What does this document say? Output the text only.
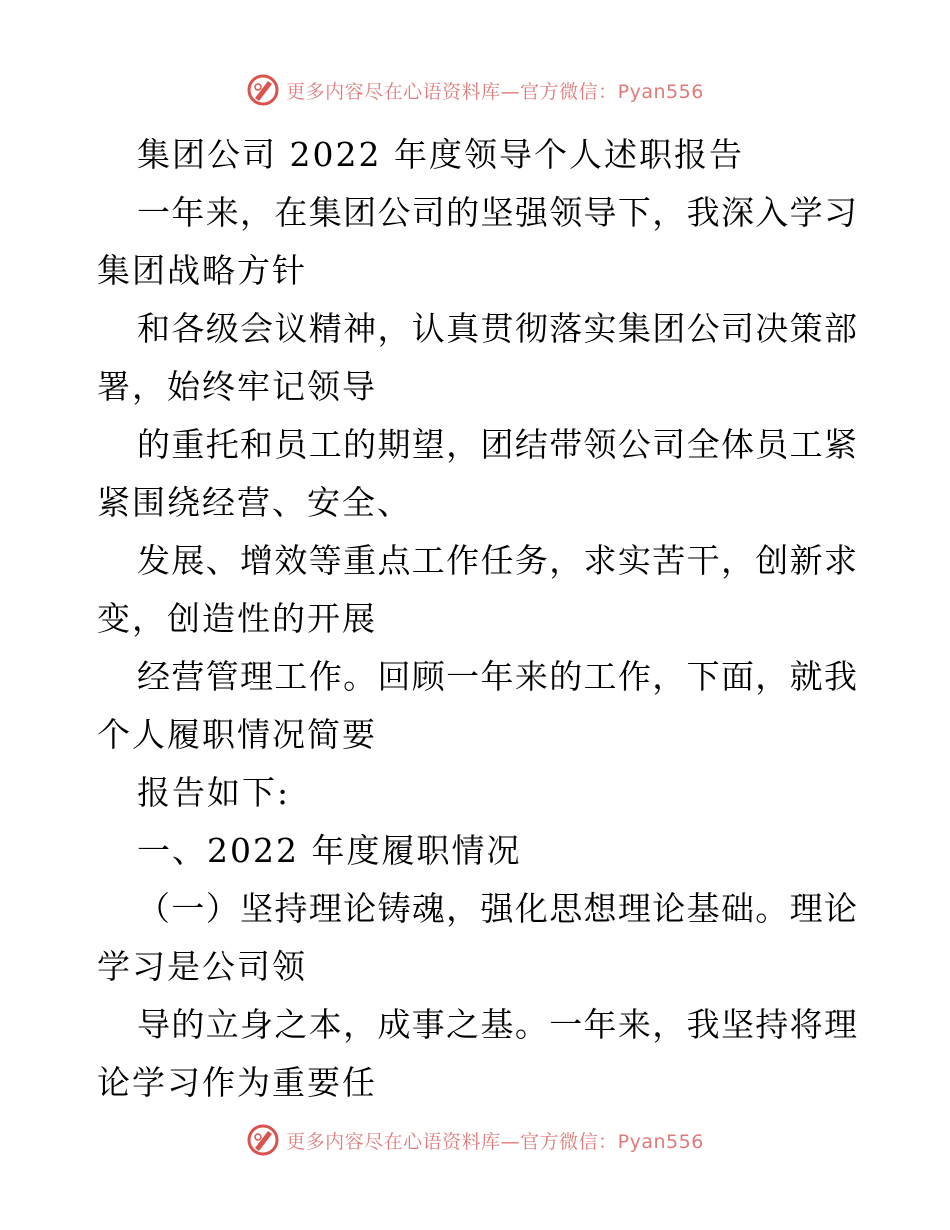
更多内容尽在心语资料库—官方微信：Pyan556
集团公司 2022 年度领导个人述职报告
一年来，在集团公司的坚强领导下，我深入学习
集团战略方针
和各级会议精神，认真贯彻落实集团公司决策部
署，始终牢记领导
的重托和员工的期望，团结带领公司全体员工紧
紧围绕经营、安全、
发展、增效等重点工作任务，求实苦干，创新求
变，创造性的开展
经营管理工作。回顾一年来的工作，下面，就我
个人履职情况简要
报告如下:
一、2022 年度履职情况
（一）坚持理论铸魂，强化思想理论基础。理论
学习是公司领
导的立身之本，成事之基。一年来，我坚持将理
论学习作为重要任
更多内容尽在心语资料库—官方微信：Pyan556
